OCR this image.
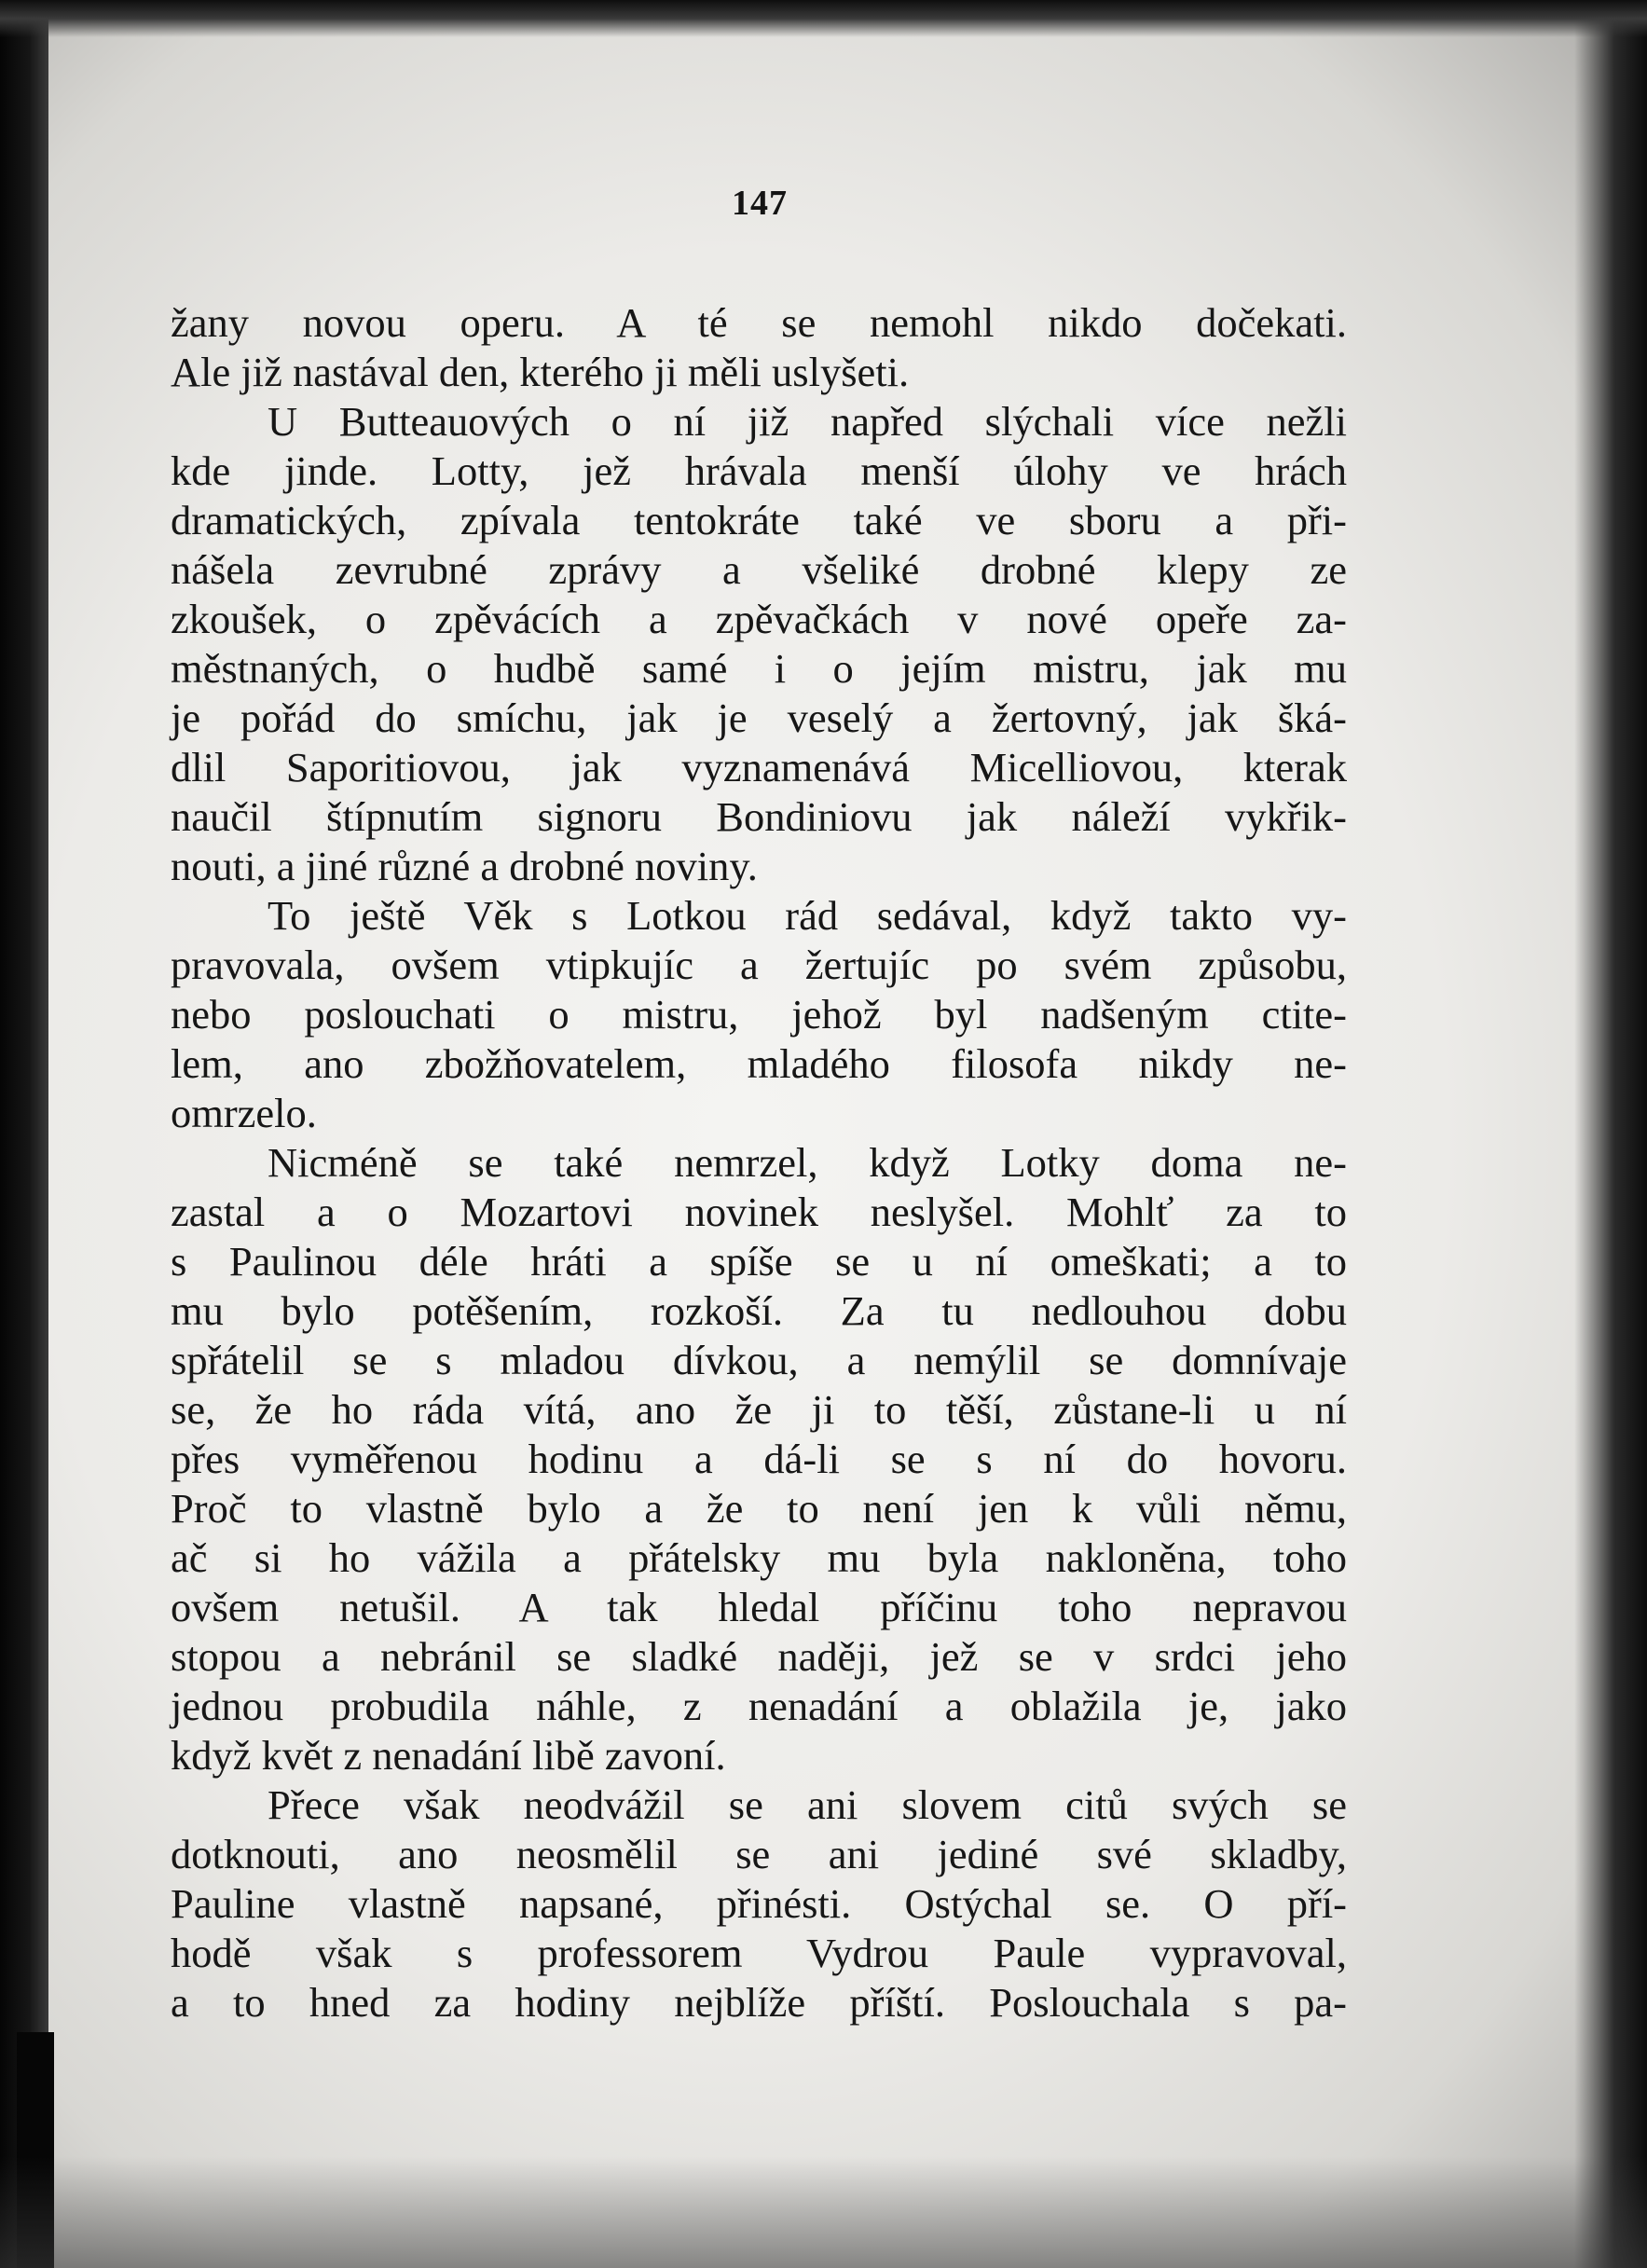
147
žany novou operu. A té se nemohl nikdo dočekati.
Ale již nastával den, kterého ji měli uslyšeti.
U Butteauových o ní již napřed slýchali více nežli
kde jinde. Lotty, jež hrávala menší úlohy ve hrách
dramatických, zpívala tentokráte také ve sboru a při-
nášela zevrubné zprávy a všeliké drobné klepy ze
zkoušek, o zpěvácích a zpěvačkách v nové opeře za-
městnaných, o hudbě samé i o jejím mistru, jak mu
je pořád do smíchu, jak je veselý a žertovný, jak šká-
dlil Saporitiovou, jak vyznamenává Micelliovou, kterak
naučil štípnutím signoru Bondiniovu jak náleží vykřik-
nouti, a jiné různé a drobné noviny.
To ještě Věk s Lotkou rád sedával, když takto vy-
pravovala, ovšem vtipkujíc a žertujíc po svém způsobu,
nebo poslouchati o mistru, jehož byl nadšeným ctite-
lem, ano zbožňovatelem, mladého filosofa nikdy ne-
omrzelo.
Nicméně se také nemrzel, když Lotky doma ne-
zastal a o Mozartovi novinek neslyšel. Mohlť za to
s Paulinou déle hráti a spíše se u ní omeškati; a to
mu bylo potěšením, rozkoší. Za tu nedlouhou dobu
spřátelil se s mladou dívkou, a nemýlil se domnívaje
se, že ho ráda vítá, ano že ji to těší, zůstane-li u ní
přes vyměřenou hodinu a dá-li se s ní do hovoru.
Proč to vlastně bylo a že to není jen k vůli němu,
ač si ho vážila a přátelsky mu byla nakloněna, toho
ovšem netušil. A tak hledal příčinu toho nepravou
stopou a nebránil se sladké naději, jež se v srdci jeho
jednou probudila náhle, z nenadání a oblažila je, jako
když květ z nenadání libě zavoní.
Přece však neodvážil se ani slovem citů svých se
dotknouti, ano neosmělil se ani jediné své skladby,
Pauline vlastně napsané, přinésti. Ostýchal se. O pří-
hodě však s professorem Vydrou Paule vypravoval,
a to hned za hodiny nejblíže příští. Poslouchala s pa-
